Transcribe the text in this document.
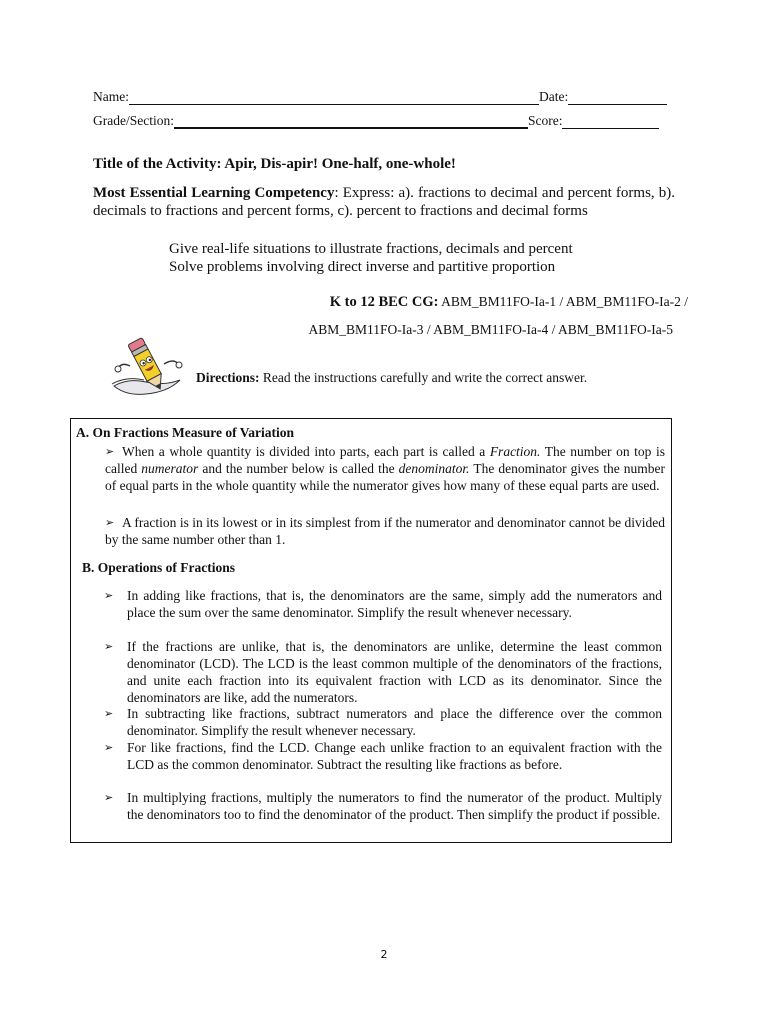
Name:	Date:
Grade/Section:	Score:
Title of the Activity: Apir, Dis-apir! One-half, one-whole!
Most Essential Learning Competency: Express: a). fractions to decimal and percent forms, b). decimals to fractions and percent forms, c). percent to fractions and decimal forms
Give real-life situations to illustrate fractions, decimals and percent
Solve problems involving direct inverse and partitive proportion
K to 12 BEC CG: ABM_BM11FO-Ia-1 / ABM_BM11FO-Ia-2 /
ABM_BM11FO-Ia-3 / ABM_BM11FO-Ia-4 / ABM_BM11FO-Ia-5
Directions: Read the instructions carefully and write the correct answer.
A. On Fractions Measure of Variation
➢ When a whole quantity is divided into parts, each part is called a Fraction. The number on top is called numerator and the number below is called the denominator. The denominator gives the number of equal parts in the whole quantity while the numerator gives how many of these equal parts are used.
➢ A fraction is in its lowest or in its simplest from if the numerator and denominator cannot be divided by the same number other than 1.
B. Operations of Fractions
➢	In adding like fractions, that is, the denominators are the same, simply add the numerators and place the sum over the same denominator. Simplify the result whenever necessary.
➢	If the fractions are unlike, that is, the denominators are unlike, determine the least common denominator (LCD). The LCD is the least common multiple of the denominators of the fractions, and unite each fraction into its equivalent fraction with LCD as its denominator. Since the denominators are like, add the numerators.
➢	In subtracting like fractions, subtract numerators and place the difference over the common denominator. Simplify the result whenever necessary.
➢	For like fractions, find the LCD. Change each unlike fraction to an equivalent fraction with the LCD as the common denominator. Subtract the resulting like fractions as before.
➢	In multiplying fractions, multiply the numerators to find the numerator of the product. Multiply the denominators too to find the denominator of the product. Then simplify the product if possible.
2
